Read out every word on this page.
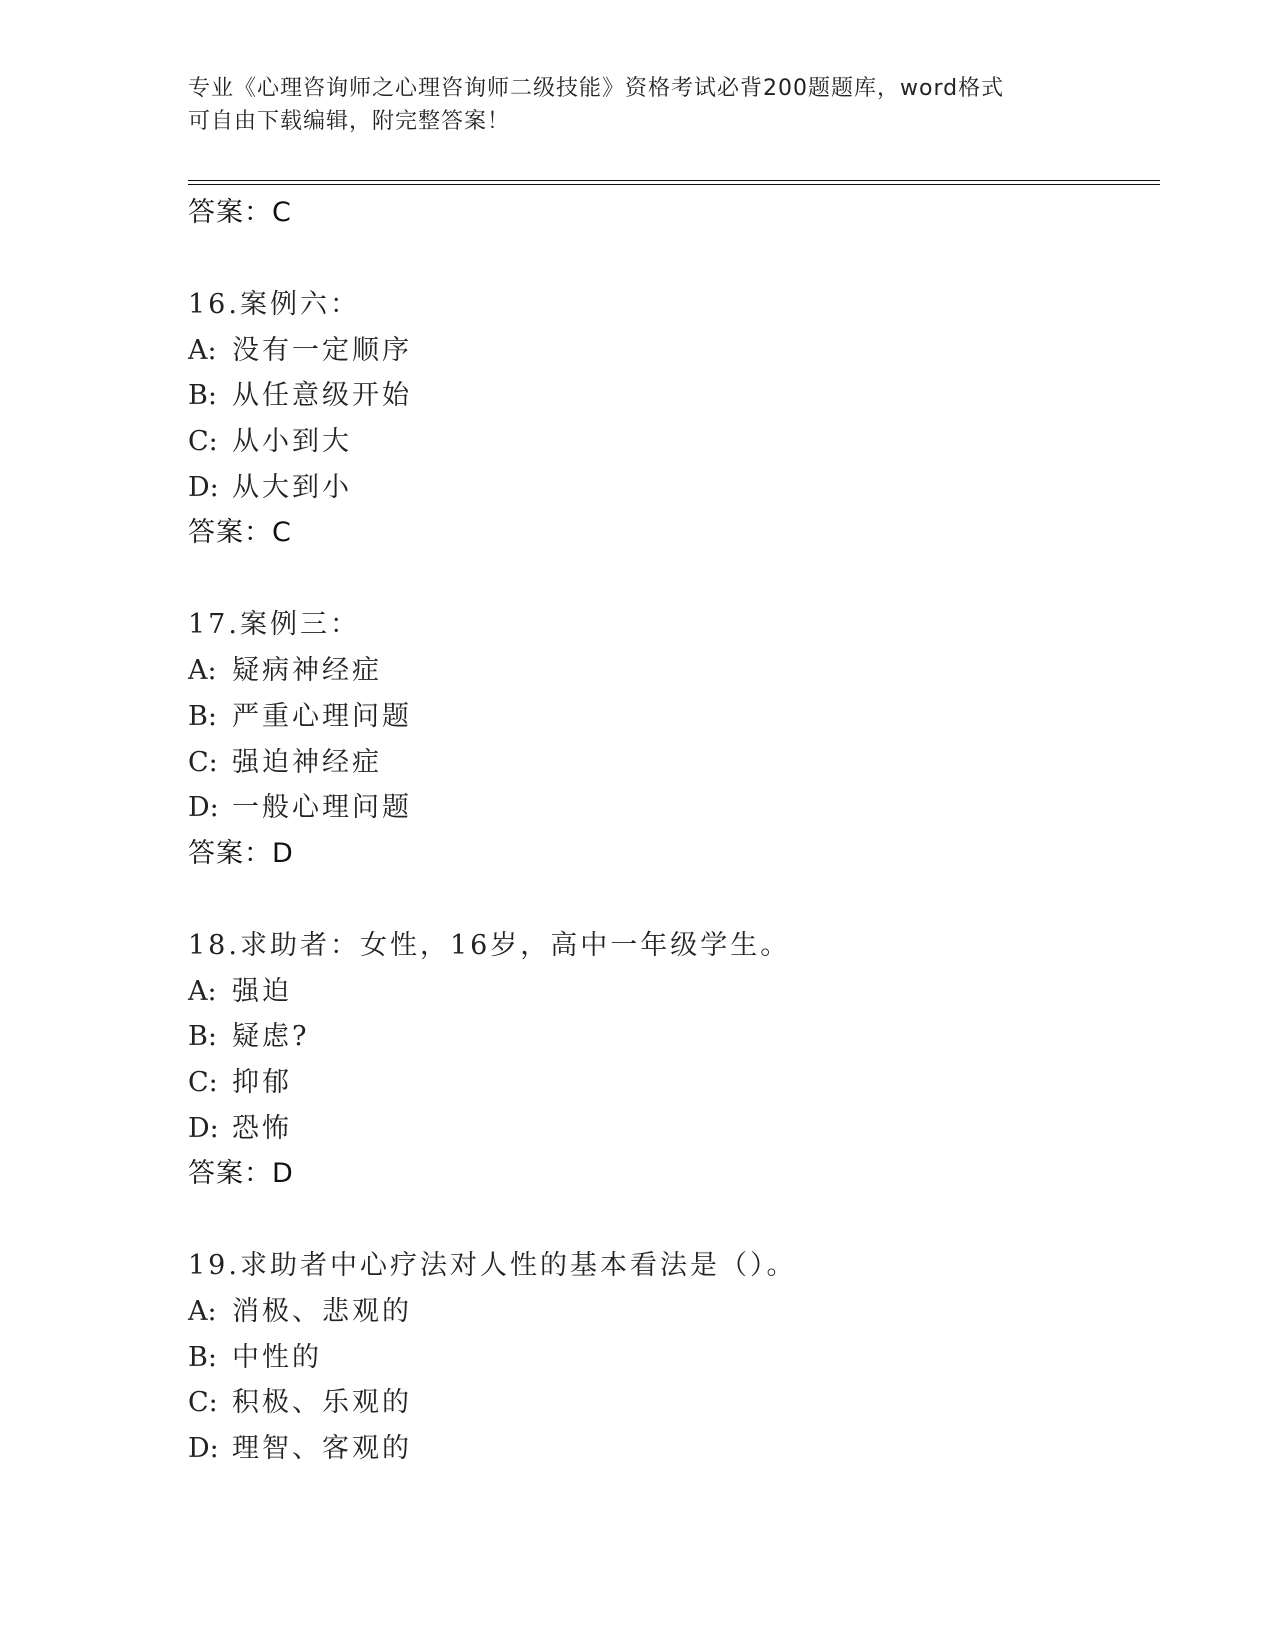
专业《心理咨询师之心理咨询师二级技能》资格考试必背200题题库，word格式
可自由下载编辑，附完整答案！
答案：C
16.案例六：
A: 没有一定顺序
B: 从任意级开始
C: 从小到大
D: 从大到小
答案：C
17.案例三：
A: 疑病神经症
B: 严重心理问题
C: 强迫神经症
D: 一般心理问题
答案：D
18.求助者：女性，16岁，高中一年级学生。
A: 强迫
B: 疑虑?
C: 抑郁
D: 恐怖
答案：D
19.求助者中心疗法对人性的基本看法是（）。
A: 消极、悲观的
B: 中性的
C: 积极、乐观的
D: 理智、客观的
